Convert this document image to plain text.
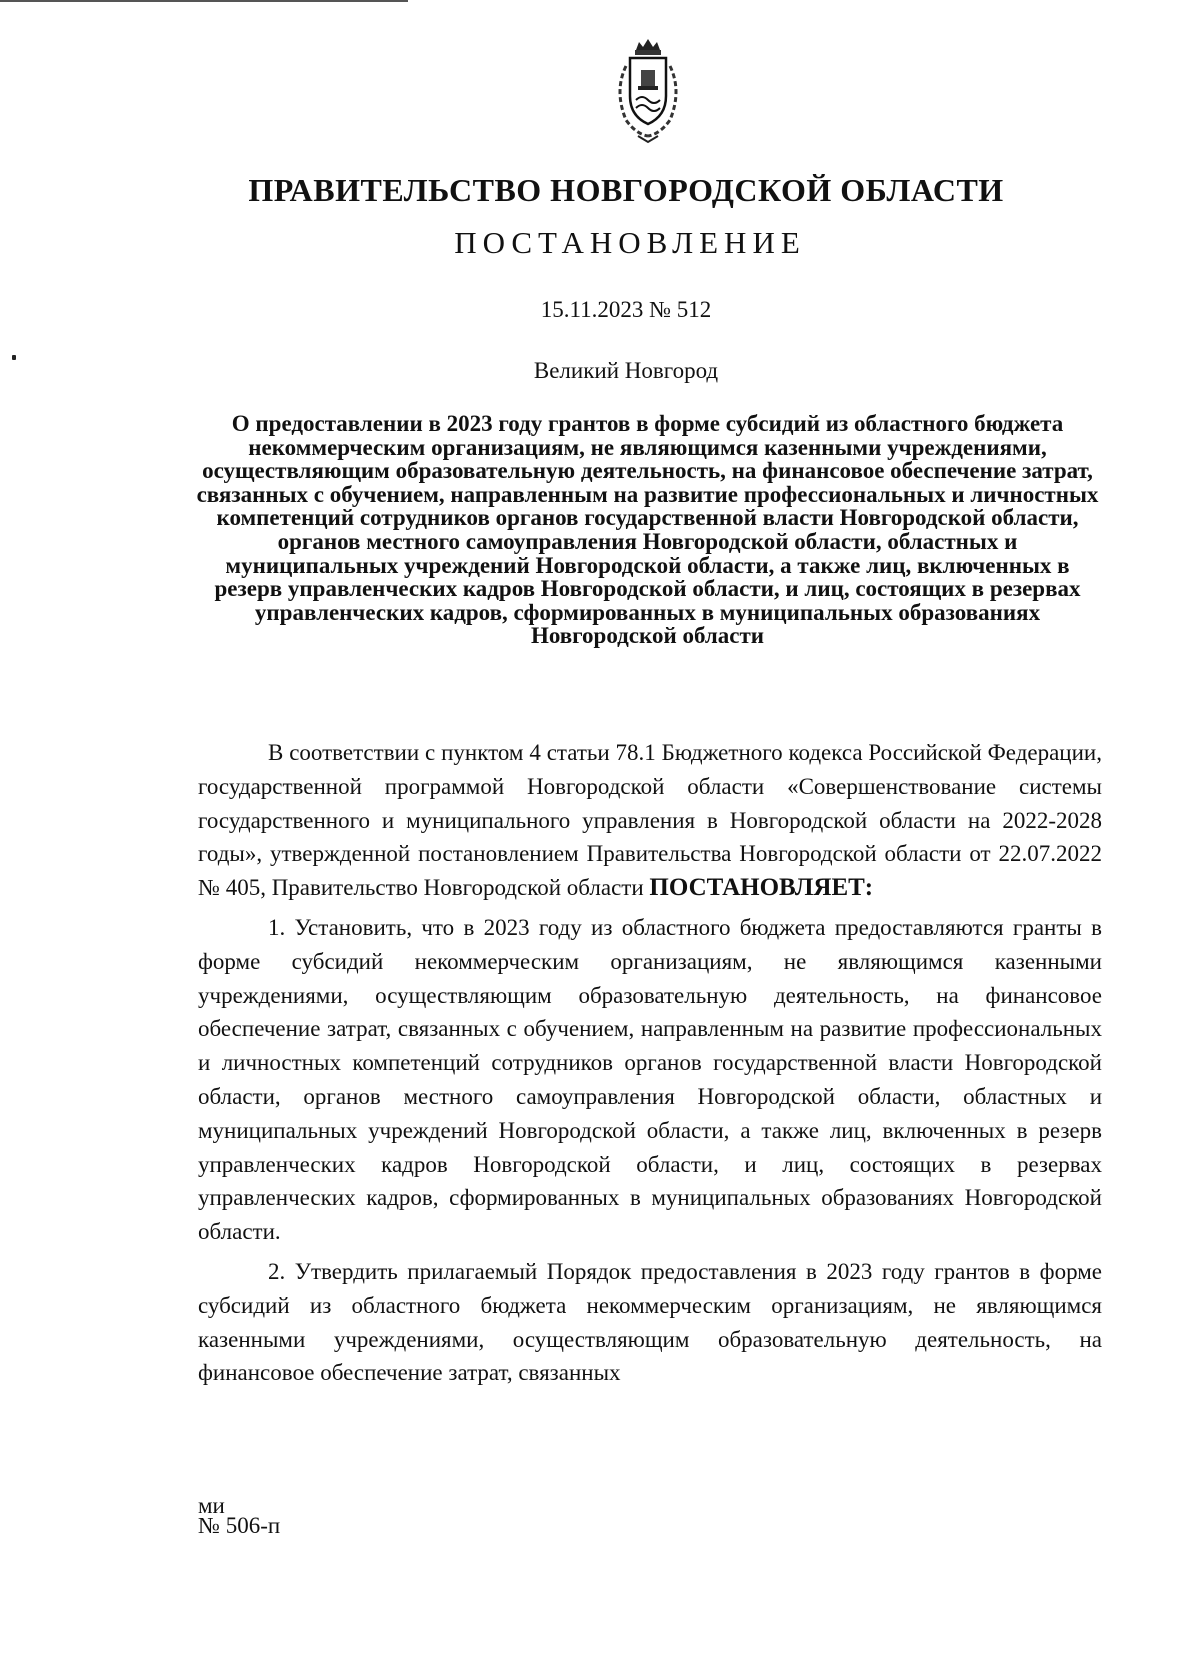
ПРАВИТЕЛЬСТВО НОВГОРОДСКОЙ ОБЛАСТИ
ПОСТАНОВЛЕНИЕ
15.11.2023 № 512
Великий Новгород
О предоставлении в 2023 году грантов в форме субсидий из областного бюджета некоммерческим организациям, не являющимся казенными учреждениями, осуществляющим образовательную деятельность, на финансовое обеспечение затрат, связанных с обучением, направленным на развитие профессиональных и личностных компетенций сотрудников органов государственной власти Новгородской области, органов местного самоуправления Новгородской области, областных и муниципальных учреждений Новгородской области, а также лиц, включенных в резерв управленческих кадров Новгородской области, и лиц, состоящих в резервах управленческих кадров, сформированных в муниципальных образованиях Новгородской области

В соответствии с пунктом 4 статьи 78.1 Бюджетного кодекса Российской Федерации, государственной программой Новгородской области «Совершенствование системы государственного и муниципального управления в Новгородской области на 2022-2028 годы», утвержденной постановлением Правительства Новгородской области от 22.07.2022 № 405, Правительство Новгородской области ПОСТАНОВЛЯЕТ:

1. Установить, что в 2023 году из областного бюджета предоставляются гранты в форме субсидий некоммерческим организациям, не являющимся казенными учреждениями, осуществляющим образовательную деятельность, на финансовое обеспечение затрат, связанных с обучением, направленным на развитие профессиональных и личностных компетенций сотрудников органов государственной власти Новгородской области, органов местного самоуправления Новгородской области, областных и муниципальных учреждений Новгородской области, а также лиц, включенных в резерв управленческих кадров Новгородской области, и лиц, состоящих в резервах управленческих кадров, сформированных в муниципальных образованиях Новгородской области.

2. Утвердить прилагаемый Порядок предоставления в 2023 году грантов в форме субсидий из областного бюджета некоммерческим организациям, не являющимся казенными учреждениями, осуществляющим образовательную деятельность, на финансовое обеспечение затрат, связанных

ми
№ 506-п
